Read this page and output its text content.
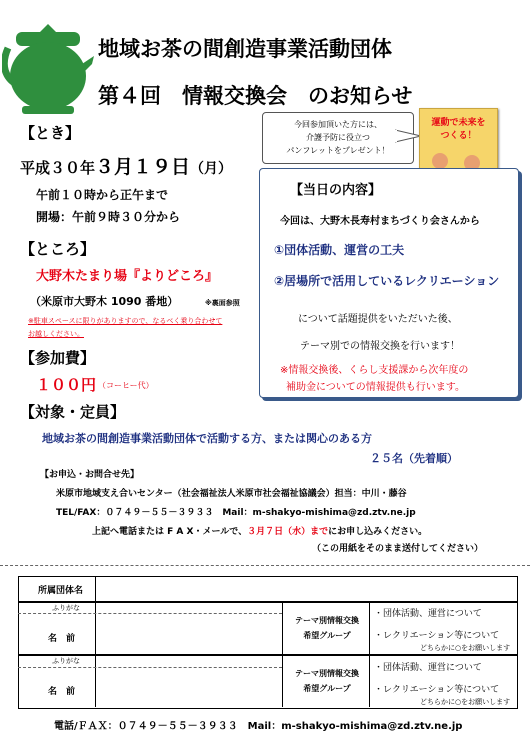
地域お茶の間創造事業活動団体
第４回　情報交換会　のお知らせ
【とき】
平成３０年３月１９日（月）
午前１０時から正午まで
開場：午前９時３０分から
今回参加頂いた方には、
介護予防に役立つ
パンフレットをプレゼント！
運動で未来を
つくる！
【当日の内容】
今回は、大野木長寿村まちづくり会さんから
①団体活動、運営の工夫
②居場所で活用しているレクリエーション
について話題提供をいただいた後、
テーマ別での情報交換を行います！
※情報交換後、くらし支援課から次年度の
補助金についての情報提供も行います。
【ところ】
大野木たまり場『よりどころ』
（米原市大野木 1090 番地）	※裏面参照
※駐車スペースに限りがありますので、なるべく乗り合わせて
お越しください。
【参加費】
１００円 （コーヒー代）
【対象・定員】
地域お茶の間創造事業活動団体で活動する方、または関心のある方
２５名（先着順）
【お申込・お問合せ先】
米原市地域支え合いセンター（社会福祉法人米原市社会福祉協議会）担当：中川・藤谷
TEL/FAX：０７４９－５５－３９３３　Mail：m-shakyo-mishima@zd.ztv.ne.jp
上記へ電話または F A X・メールで、３月７日（水）までにお申し込みください。
（この用紙をそのまま送付してください）
所属団体名
ふりがな
名　前
テーマ別情報交換
希望グループ
・団体活動、運営について
・レクリエーション等について
どちらかに○をお願いします
ふりがな
名　前
テーマ別情報交換
希望グループ
・団体活動、運営について
・レクリエーション等について
どちらかに○をお願いします
電話/ＦＡＸ：０７４９－５５－３９３３　Mail：m-shakyo-mishima@zd.ztv.ne.jp
